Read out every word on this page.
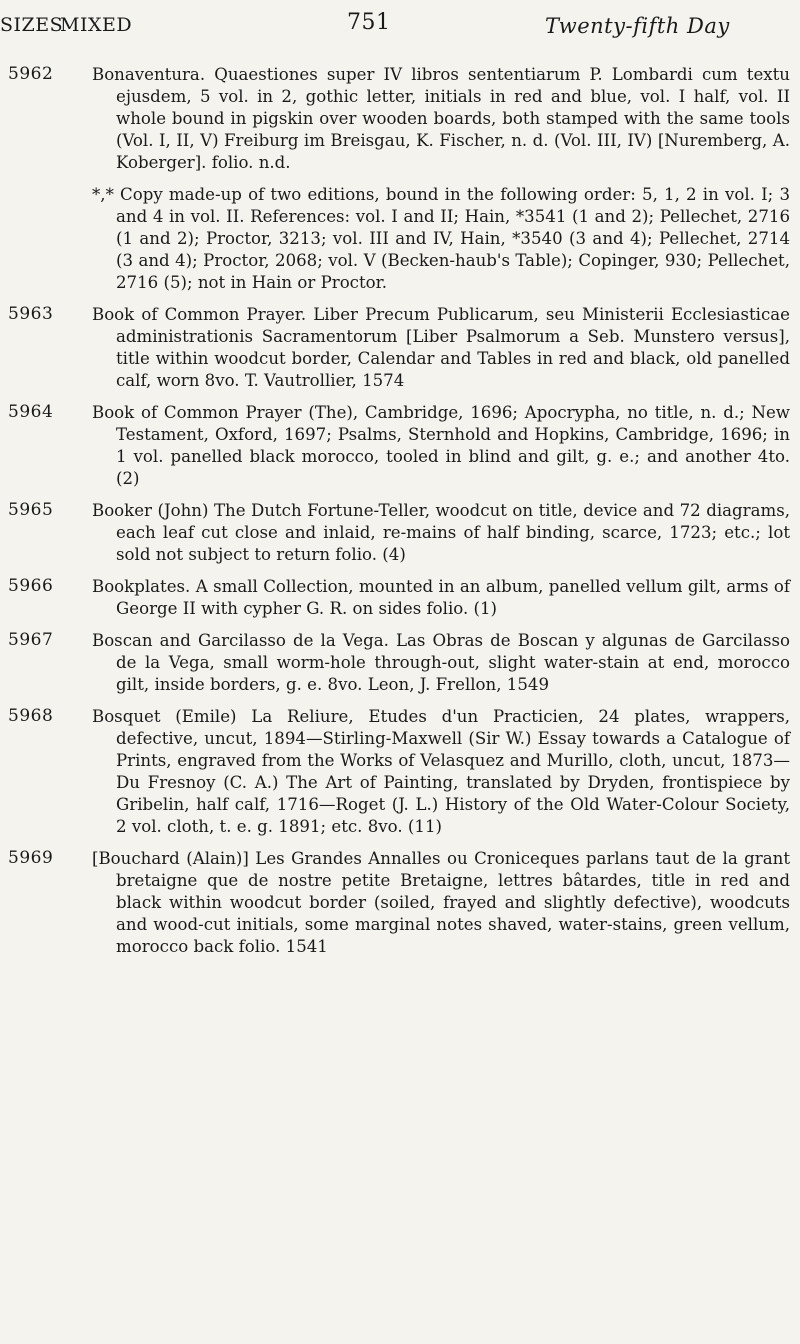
SIZES
MIXED	751	Twenty-fifth Day
5962 Bonaventura. Quaestiones super IV libros sententiarum P. Lombardi cum textu ejusdem, 5 vol. in 2, gothic letter, initials in red and blue, vol. I half, vol. II whole bound in pigskin over wooden boards, both stamped with the same tools (Vol. I, II, V) Freiburg im Breisgau, K. Fischer, n. d. (Vol. III, IV) [Nuremberg, A. Koberger]. folio. n.d.
*,* Copy made-up of two editions, bound in the following order: 5, 1, 2 in vol. I; 3 and 4 in vol. II. References: vol. I and II; Hain, *3541 (1 and 2); Pellechet, 2716 (1 and 2); Proctor, 3213; vol. III and IV, Hain, *3540 (3 and 4); Pellechet, 2714 (3 and 4); Proctor, 2068; vol. V (Becken-haub's Table); Copinger, 930; Pellechet, 2716 (5); not in Hain or Proctor.
5963 Book of Common Prayer. Liber Precum Publicarum, seu Ministerii Ecclesiasticae administrationis Sacramentorum [Liber Psalmorum a Seb. Munstero versus], title within woodcut border, Calendar and Tables in red and black, old panelled calf, worn 8vo. T. Vautrollier, 1574
5964 Book of Common Prayer (The), Cambridge, 1696; Apocrypha, no title, n. d.; New Testament, Oxford, 1697; Psalms, Sternhold and Hopkins, Cambridge, 1696; in 1 vol. panelled black morocco, tooled in blind and gilt, g. e.; and another 4to. (2)
5965 Booker (John) The Dutch Fortune-Teller, woodcut on title, device and 72 diagrams, each leaf cut close and inlaid, re-mains of half binding, scarce, 1723; etc.; lot sold not subject to return folio. (4)
5966 Bookplates. A small Collection, mounted in an album, panelled vellum gilt, arms of George II with cypher G. R. on sides folio. (1)
5967 Boscan and Garcilasso de la Vega. Las Obras de Boscan y algunas de Garcilasso de la Vega, small worm-hole through-out, slight water-stain at end, morocco gilt, inside borders, g. e. 8vo. Leon, J. Frellon, 1549
5968 Bosquet (Emile) La Reliure, Etudes d'un Practicien, 24 plates, wrappers, defective, uncut, 1894—Stirling-Maxwell (Sir W.) Essay towards a Catalogue of Prints, engraved from the Works of Velasquez and Murillo, cloth, uncut, 1873—Du Fresnoy (C. A.) The Art of Painting, translated by Dryden, frontispiece by Gribelin, half calf, 1716—Roget (J. L.) History of the Old Water-Colour Society, 2 vol. cloth, t. e. g. 1891; etc. 8vo. (11)
5969 [Bouchard (Alain)] Les Grandes Annalles ou Croniceques parlans taut de la grant bretaigne que de nostre petite Bretaigne, lettres bâtardes, title in red and black within woodcut border (soiled, frayed and slightly defective), woodcuts and wood-cut initials, some marginal notes shaved, water-stains, green vellum, morocco back folio. 1541
